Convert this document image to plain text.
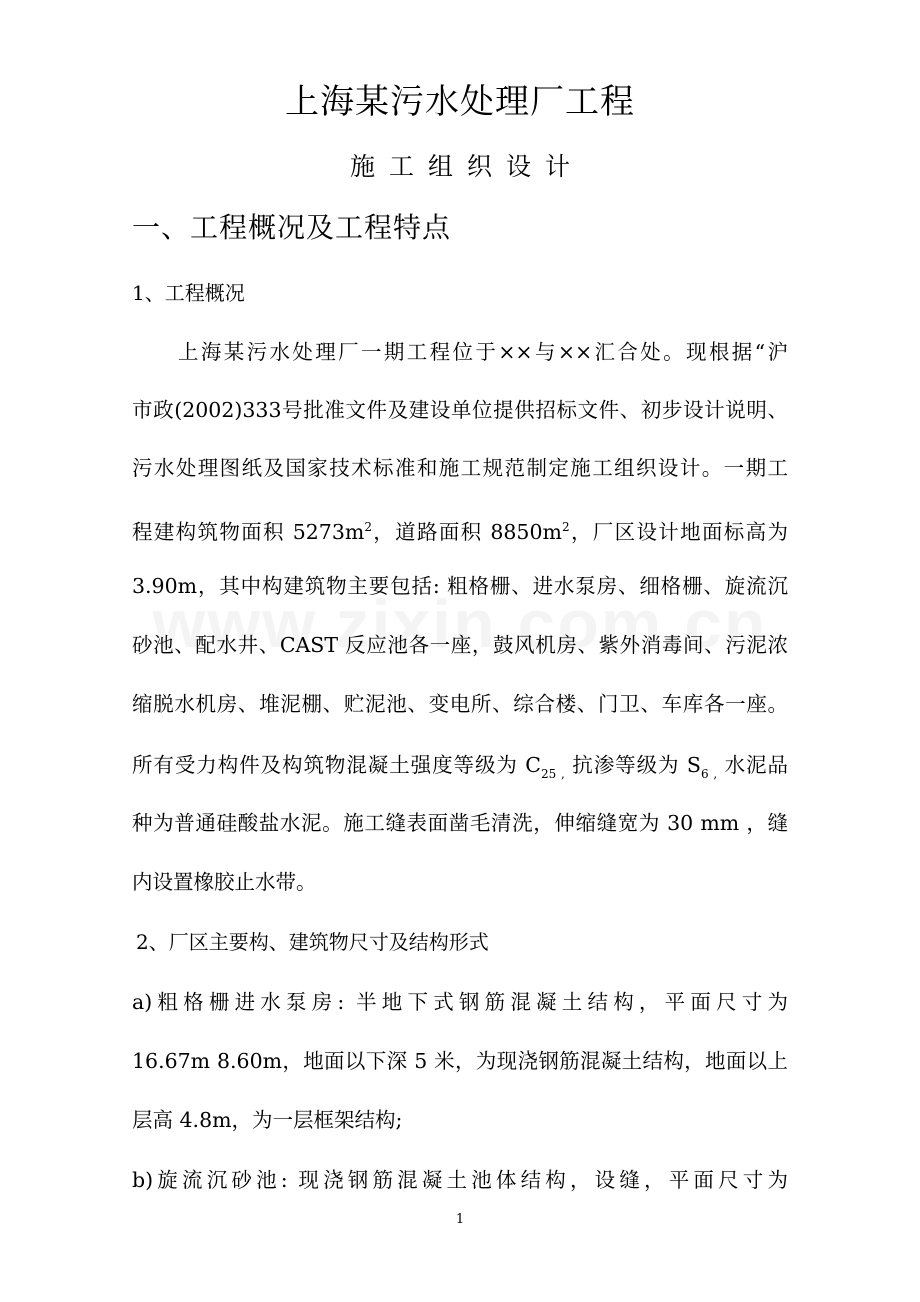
上海某污水处理厂工程
施工组织设计
一、工程概况及工程特点
1、工程概况
上海某污水处理厂一期工程位于××与××汇合处。现根据“沪
市政(2002)333号批准文件及建设单位提供招标文件、初步设计说明、
污水处理图纸及国家技术标准和施工规范制定施工组织设计。一期工
程建构筑物面积 $5273m^2$，道路面积 $8850m^2$，厂区设计地面标高为
3.90m，其中构建筑物主要包括: 粗格栅、进水泵房、细格栅、旋流沉
砂池、配水井、CAST 反应池各一座，鼓风机房、紫外消毒间、污泥浓
缩脱水机房、堆泥棚、贮泥池、变电所、综合楼、门卫、车库各一座。
所有受力构件及构筑物混凝土强度等级为 $C_{25 ,}$ 抗渗等级为 $S_{6 ,}$ 水泥品
种为普通硅酸盐水泥。施工缝表面凿毛清洗，伸缩缝宽为 30 mm ，缝
内设置橡胶止水带。
2、厂区主要构、建筑物尺寸及结构形式
a)粗格栅进水泵房: 半地下式钢筋混凝土结构，平面尺寸为
16.67m 8.60m，地面以下深 5 米，为现浇钢筋混凝土结构，地面以上
层高 4.8m，为一层框架结构;
b)旋流沉砂池: 现浇钢筋混凝土池体结构，设缝，平面尺寸为
1
